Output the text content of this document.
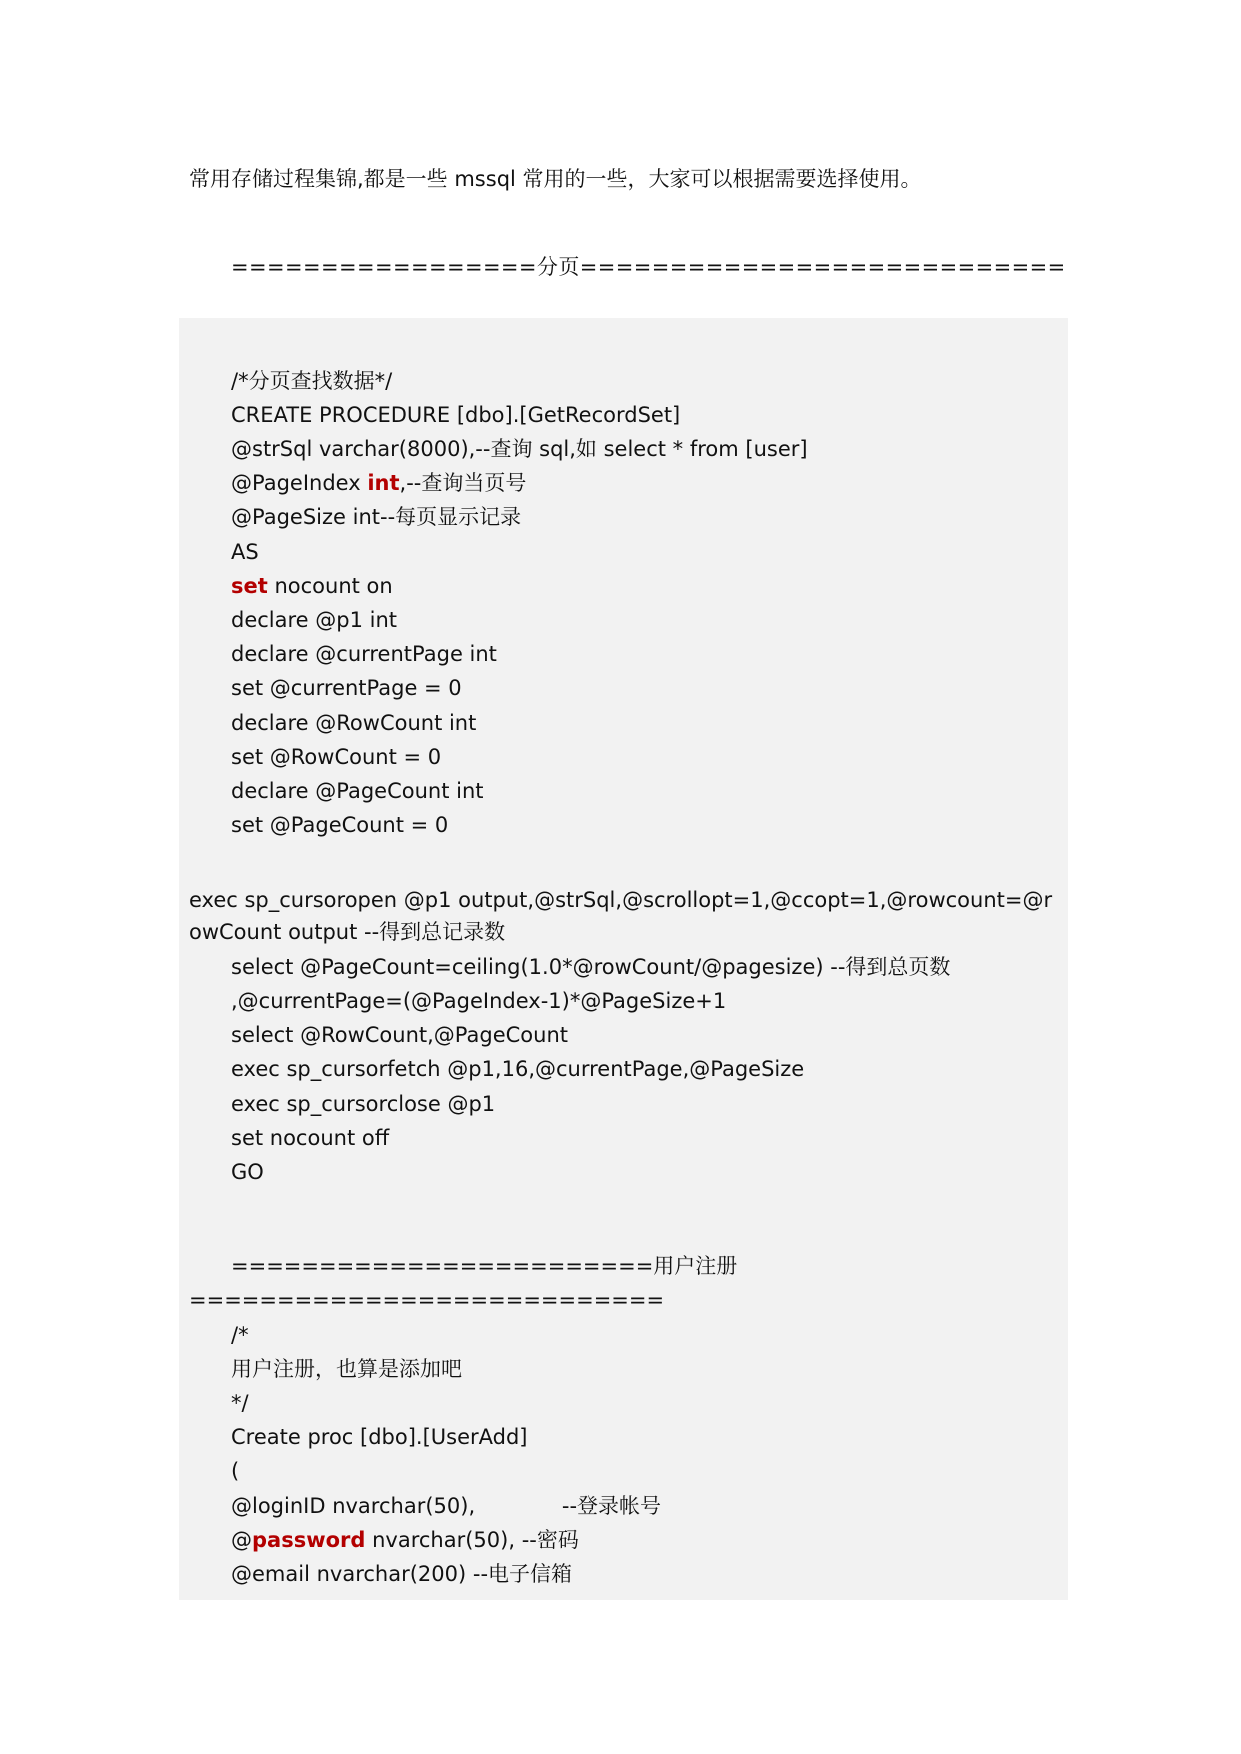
常用存储过程集锦,都是一些 mssql 常用的一些，大家可以根据需要选择使用。
=================分页===========================
/*分页查找数据*/
CREATE PROCEDURE [dbo].[GetRecordSet]
@strSql varchar(8000),--查询 sql,如 select * from [user]
@PageIndex int,--查询当页号
@PageSize int--每页显示记录
AS
set nocount on
declare @p1 int
declare @currentPage int
set @currentPage = 0
declare @RowCount int
set @RowCount = 0
declare @PageCount int
set @PageCount = 0
exec sp_cursoropen @p1 output,@strSql,@scrollopt=1,@ccopt=1,@rowcount=@r
owCount output --得到总记录数
select @PageCount=ceiling(1.0*@rowCount/@pagesize) --得到总页数
,@currentPage=(@PageIndex-1)*@PageSize+1
select @RowCount,@PageCount
exec sp_cursorfetch @p1,16,@currentPage,@PageSize
exec sp_cursorclose @p1
set nocount off
GO
========================用户注册
===========================
/*
用户注册，也算是添加吧
*/
Create proc [dbo].[UserAdd]
(
@loginID nvarchar(50),             --登录帐号
@password nvarchar(50), --密码
@email nvarchar(200) --电子信箱
